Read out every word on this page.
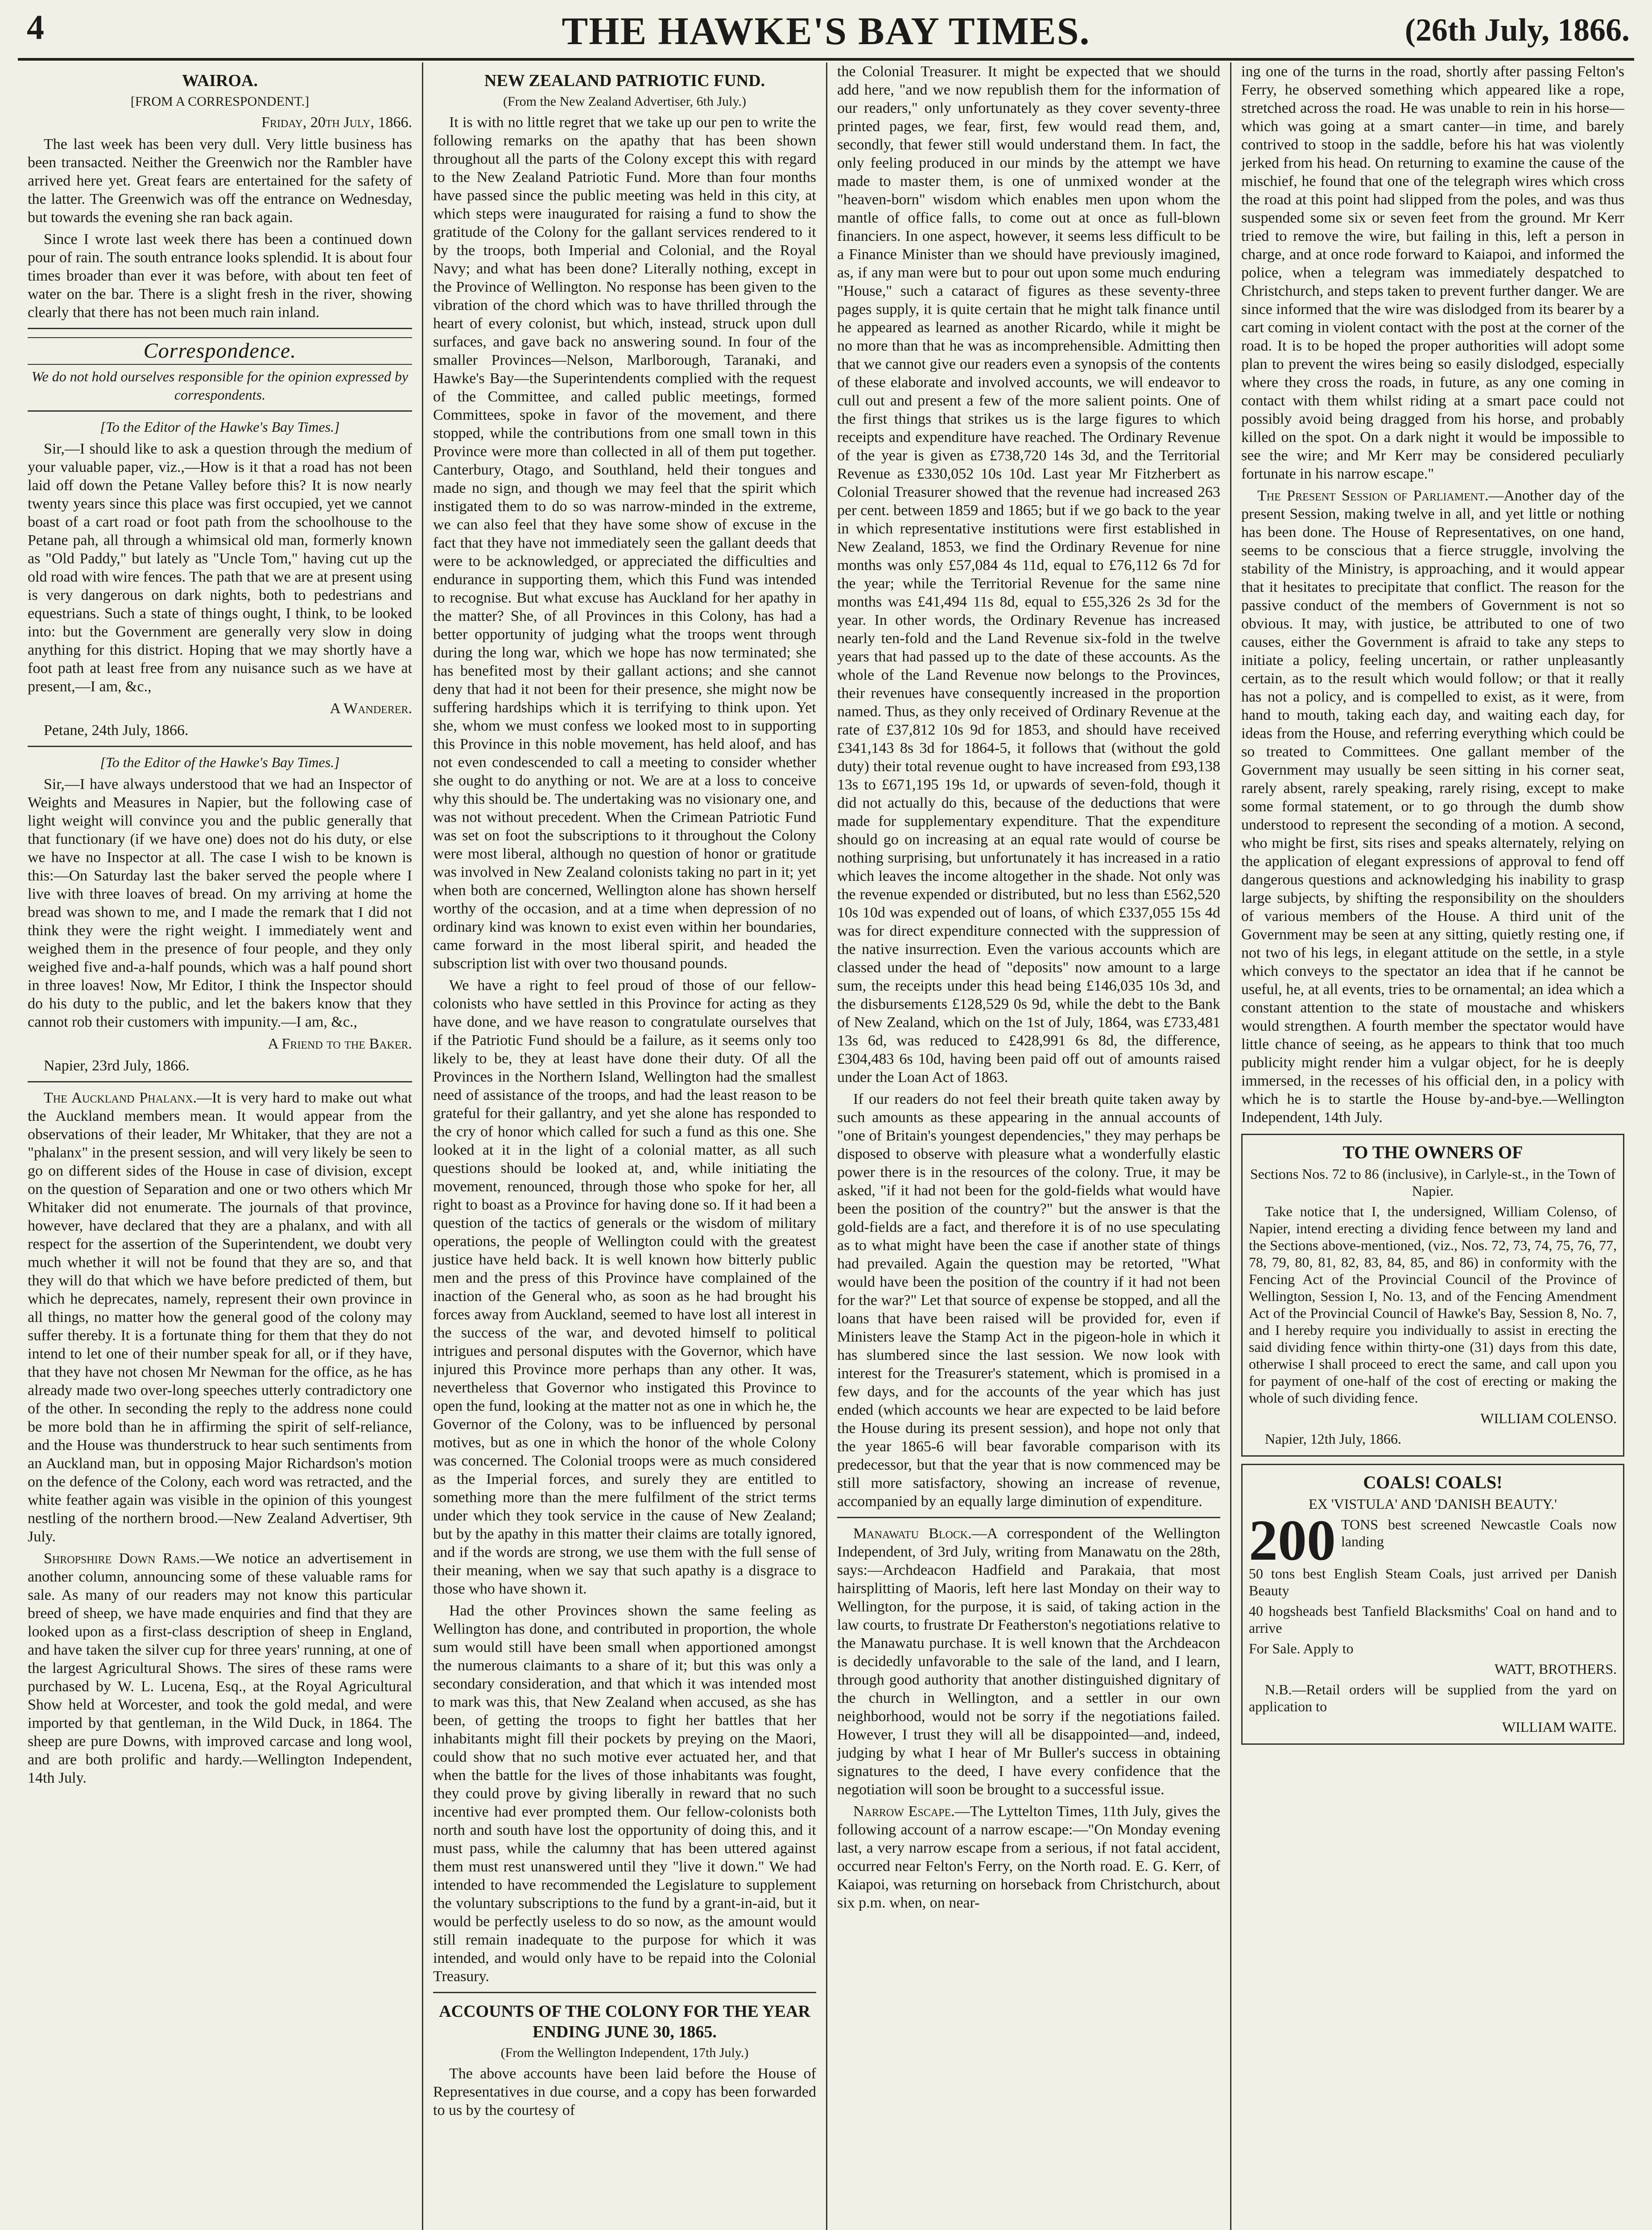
4	THE HAWKE'S BAY TIMES.	(26th July, 1866.
WAIROA.
[FROM A CORRESPONDENT.]

Friday, 20th July, 1866.

The last week has been very dull. Very little business has been transacted. Neither the Greenwich nor the Rambler have arrived here yet. Great fears are entertained for the safety of the latter. The Greenwich was off the entrance on Wednesday, but towards the evening she ran back again.

Since I wrote last week there has been a continued down pour of rain. The south entrance looks splendid. It is about four times broader than ever it was before, with about ten feet of water on the bar. There is a slight fresh in the river, showing clearly that there has not been much rain inland.

Correspondence.

We do not hold ourselves responsible for the opinion expressed by correspondents.

[To the Editor of the Hawke's Bay Times.]

Sir,—I should like to ask a question through the medium of your valuable paper, viz.,—How is it that a road has not been laid off down the Petane Valley before this? It is now nearly twenty years since this place was first occupied, yet we cannot boast of a cart road or foot path from the schoolhouse to the Petane pah, all through a whimsical old man, formerly known as "Old Paddy," but lately as "Uncle Tom," having cut up the old road with wire fences. The path that we are at present using is very dangerous on dark nights, both to pedestrians and equestrians. Such a state of things ought, I think, to be looked into: but the Government are generally very slow in doing anything for this district. Hoping that we may shortly have a foot path at least free from any nuisance such as we have at present,—I am, &c.,

A Wanderer.

Petane, 24th July, 1866.

[To the Editor of the Hawke's Bay Times.]

Sir,—I have always understood that we had an Inspector of Weights and Measures in Napier, but the following case of light weight will convince you and the public generally that that functionary (if we have one) does not do his duty, or else we have no Inspector at all. The case I wish to be known is this:—On Saturday last the baker served the people where I live with three loaves of bread. On my arriving at home the bread was shown to me, and I made the remark that I did not think they were the right weight. I immediately went and weighed them in the presence of four people, and they only weighed five and-a-half pounds, which was a half pound short in three loaves! Now, Mr Editor, I think the Inspector should do his duty to the public, and let the bakers know that they cannot rob their customers with impunity.—I am, &c.,

A Friend to the Baker.

Napier, 23rd July, 1866.

The Auckland Phalanx.—It is very hard to make out what the Auckland members mean. It would appear from the observations of their leader, Mr Whitaker, that they are not a "phalanx" in the present session, and will very likely be seen to go on different sides of the House in case of division, except on the question of Separation and one or two others which Mr Whitaker did not enumerate. The journals of that province, however, have declared that they are a phalanx, and with all respect for the assertion of the Superintendent, we doubt very much whether it will not be found that they are so, and that they will do that which we have before predicted of them, but which he deprecates, namely, represent their own province in all things, no matter how the general good of the colony may suffer thereby. It is a fortunate thing for them that they do not intend to let one of their number speak for all, or if they have, that they have not chosen Mr Newman for the office, as he has already made two over-long speeches utterly contradictory one of the other. In seconding the reply to the address none could be more bold than he in affirming the spirit of self-reliance, and the House was thunderstruck to hear such sentiments from an Auckland man, but in opposing Major Richardson's motion on the defence of the Colony, each word was retracted, and the white feather again was visible in the opinion of this youngest nestling of the northern brood.—New Zealand Advertiser, 9th July.

Shropshire Down Rams.—We notice an advertisement in another column, announcing some of these valuable rams for sale. As many of our readers may not know this particular breed of sheep, we have made enquiries and find that they are looked upon as a first-class description of sheep in England, and have taken the silver cup for three years' running, at one of the largest Agricultural Shows. The sires of these rams were purchased by W. L. Lucena, Esq., at the Royal Agricultural Show held at Worcester, and took the gold medal, and were imported by that gentleman, in the Wild Duck, in 1864. The sheep are pure Downs, with improved carcase and long wool, and are both prolific and hardy.—Wellington Independent, 14th July.

NEW ZEALAND PATRIOTIC FUND.
(From the New Zealand Advertiser, 6th July.)

It is with no little regret that we take up our pen to write the following remarks on the apathy that has been shown throughout all the parts of the Colony except this with regard to the New Zealand Patriotic Fund. More than four months have passed since the public meeting was held in this city, at which steps were inaugurated for raising a fund to show the gratitude of the Colony for the gallant services rendered to it by the troops, both Imperial and Colonial, and the Royal Navy; and what has been done? Literally nothing, except in the Province of Wellington. No response has been given to the vibration of the chord which was to have thrilled through the heart of every colonist, but which, instead, struck upon dull surfaces, and gave back no answering sound. In four of the smaller Provinces—Nelson, Marlborough, Taranaki, and Hawke's Bay—the Superintendents complied with the request of the Committee, and called public meetings, formed Committees, spoke in favor of the movement, and there stopped, while the contributions from one small town in this Province were more than collected in all of them put together. Canterbury, Otago, and Southland, held their tongues and made no sign, and though we may feel that the spirit which instigated them to do so was narrow-minded in the extreme, we can also feel that they have some show of excuse in the fact that they have not immediately seen the gallant deeds that were to be acknowledged, or appreciated the difficulties and endurance in supporting them, which this Fund was intended to recognise. But what excuse has Auckland for her apathy in the matter? She, of all Provinces in this Colony, has had a better opportunity of judging what the troops went through during the long war, which we hope has now terminated; she has benefited most by their gallant actions; and she cannot deny that had it not been for their presence, she might now be suffering hardships which it is terrifying to think upon. Yet she, whom we must confess we looked most to in supporting this Province in this noble movement, has held aloof, and has not even condescended to call a meeting to consider whether she ought to do anything or not. We are at a loss to conceive why this should be. The undertaking was no visionary one, and was not without precedent. When the Crimean Patriotic Fund was set on foot the subscriptions to it throughout the Colony were most liberal, although no question of honor or gratitude was involved in New Zealand colonists taking no part in it; yet when both are concerned, Wellington alone has shown herself worthy of the occasion, and at a time when depression of no ordinary kind was known to exist even within her boundaries, came forward in the most liberal spirit, and headed the subscription list with over two thousand pounds.

We have a right to feel proud of those of our fellow-colonists who have settled in this Province for acting as they have done, and we have reason to congratulate ourselves that if the Patriotic Fund should be a failure, as it seems only too likely to be, they at least have done their duty. Of all the Provinces in the Northern Island, Wellington had the smallest need of assistance of the troops, and had the least reason to be grateful for their gallantry, and yet she alone has responded to the cry of honor which called for such a fund as this one. She looked at it in the light of a colonial matter, as all such questions should be looked at, and, while initiating the movement, renounced, through those who spoke for her, all right to boast as a Province for having done so. If it had been a question of the tactics of generals or the wisdom of military operations, the people of Wellington could with the greatest justice have held back. It is well known how bitterly public men and the press of this Province have complained of the inaction of the General who, as soon as he had brought his forces away from Auckland, seemed to have lost all interest in the success of the war, and devoted himself to political intrigues and personal disputes with the Governor, which have injured this Province more perhaps than any other. It was, nevertheless that Governor who instigated this Province to open the fund, looking at the matter not as one in which he, the Governor of the Colony, was to be influenced by personal motives, but as one in which the honor of the whole Colony was concerned. The Colonial troops were as much considered as the Imperial forces, and surely they are entitled to something more than the mere fulfilment of the strict terms under which they took service in the cause of New Zealand; but by the apathy in this matter their claims are totally ignored, and if the words are strong, we use them with the full sense of their meaning, when we say that such apathy is a disgrace to those who have shown it.

Had the other Provinces shown the same feeling as Wellington has done, and contributed in proportion, the whole sum would still have been small when apportioned amongst the numerous claimants to a share of it; but this was only a secondary consideration, and that which it was intended most to mark was this, that New Zealand when accused, as she has been, of getting the troops to fight her battles that her inhabitants might fill their pockets by preying on the Maori, could show that no such motive ever actuated her, and that when the battle for the lives of those inhabitants was fought, they could prove by giving liberally in reward that no such incentive had ever prompted them. Our fellow-colonists both north and south have lost the opportunity of doing this, and it must pass, while the calumny that has been uttered against them must rest unanswered until they "live it down." We had intended to have recommended the Legislature to supplement the voluntary subscriptions to the fund by a grant-in-aid, but it would be perfectly useless to do so now, as the amount would still remain inadequate to the purpose for which it was intended, and would only have to be repaid into the Colonial Treasury.

ACCOUNTS OF THE COLONY FOR THE YEAR ENDING JUNE 30, 1865.
(From the Wellington Independent, 17th July.)

The above accounts have been laid before the House of Representatives in due course, and a copy has been forwarded to us by the courtesy of

the Colonial Treasurer. It might be expected that we should add here, "and we now republish them for the information of our readers," only unfortunately as they cover seventy-three printed pages, we fear, first, few would read them, and, secondly, that fewer still would understand them. In fact, the only feeling produced in our minds by the attempt we have made to master them, is one of unmixed wonder at the "heaven-born" wisdom which enables men upon whom the mantle of office falls, to come out at once as full-blown financiers. In one aspect, however, it seems less difficult to be a Finance Minister than we should have previously imagined, as, if any man were but to pour out upon some much enduring "House," such a cataract of figures as these seventy-three pages supply, it is quite certain that he might talk finance until he appeared as learned as another Ricardo, while it might be no more than that he was as incomprehensible. Admitting then that we cannot give our readers even a synopsis of the contents of these elaborate and involved accounts, we will endeavor to cull out and present a few of the more salient points. One of the first things that strikes us is the large figures to which receipts and expenditure have reached. The Ordinary Revenue of the year is given as £738,720 14s 3d, and the Territorial Revenue as £330,052 10s 10d. Last year Mr Fitzherbert as Colonial Treasurer showed that the revenue had increased 263 per cent. between 1859 and 1865; but if we go back to the year in which representative institutions were first established in New Zealand, 1853, we find the Ordinary Revenue for nine months was only £57,084 4s 11d, equal to £76,112 6s 7d for the year; while the Territorial Revenue for the same nine months was £41,494 11s 8d, equal to £55,326 2s 3d for the year. In other words, the Ordinary Revenue has increased nearly ten-fold and the Land Revenue six-fold in the twelve years that had passed up to the date of these accounts. As the whole of the Land Revenue now belongs to the Provinces, their revenues have consequently increased in the proportion named. Thus, as they only received of Ordinary Revenue at the rate of £37,812 10s 9d for 1853, and should have received £341,143 8s 3d for 1864-5, it follows that (without the gold duty) their total revenue ought to have increased from £93,138 13s to £671,195 19s 1d, or upwards of seven-fold, though it did not actually do this, because of the deductions that were made for supplementary expenditure. That the expenditure should go on increasing at an equal rate would of course be nothing surprising, but unfortunately it has increased in a ratio which leaves the income altogether in the shade. Not only was the revenue expended or distributed, but no less than £562,520 10s 10d was expended out of loans, of which £337,055 15s 4d was for direct expenditure connected with the suppression of the native insurrection. Even the various accounts which are classed under the head of "deposits" now amount to a large sum, the receipts under this head being £146,035 10s 3d, and the disbursements £128,529 0s 9d, while the debt to the Bank of New Zealand, which on the 1st of July, 1864, was £733,481 13s 6d, was reduced to £428,991 6s 8d, the difference, £304,483 6s 10d, having been paid off out of amounts raised under the Loan Act of 1863.

If our readers do not feel their breath quite taken away by such amounts as these appearing in the annual accounts of "one of Britain's youngest dependencies," they may perhaps be disposed to observe with pleasure what a wonderfully elastic power there is in the resources of the colony. True, it may be asked, "if it had not been for the gold-fields what would have been the position of the country?" but the answer is that the gold-fields are a fact, and therefore it is of no use speculating as to what might have been the case if another state of things had prevailed. Again the question may be retorted, "What would have been the position of the country if it had not been for the war?" Let that source of expense be stopped, and all the loans that have been raised will be provided for, even if Ministers leave the Stamp Act in the pigeon-hole in which it has slumbered since the last session. We now look with interest for the Treasurer's statement, which is promised in a few days, and for the accounts of the year which has just ended (which accounts we hear are expected to be laid before the House during its present session), and hope not only that the year 1865-6 will bear favorable comparison with its predecessor, but that the year that is now commenced may be still more satisfactory, showing an increase of revenue, accompanied by an equally large diminution of expenditure.

Manawatu Block.—A correspondent of the Wellington Independent, of 3rd July, writing from Manawatu on the 28th, says:—Archdeacon Hadfield and Parakaia, that most hairsplitting of Maoris, left here last Monday on their way to Wellington, for the purpose, it is said, of taking action in the law courts, to frustrate Dr Featherston's negotiations relative to the Manawatu purchase. It is well known that the Archdeacon is decidedly unfavorable to the sale of the land, and I learn, through good authority that another distinguished dignitary of the church in Wellington, and a settler in our own neighborhood, would not be sorry if the negotiations failed. However, I trust they will all be disappointed—and, indeed, judging by what I hear of Mr Buller's success in obtaining signatures to the deed, I have every confidence that the negotiation will soon be brought to a successful issue.

Narrow Escape.—The Lyttelton Times, 11th July, gives the following account of a narrow escape:—"On Monday evening last, a very narrow escape from a serious, if not fatal accident, occurred near Felton's Ferry, on the North road. E. G. Kerr, of Kaiapoi, was returning on horseback from Christchurch, about six p.m. when, on near-

ing one of the turns in the road, shortly after passing Felton's Ferry, he observed something which appeared like a rope, stretched across the road. He was unable to rein in his horse—which was going at a smart canter—in time, and barely contrived to stoop in the saddle, before his hat was violently jerked from his head. On returning to examine the cause of the mischief, he found that one of the telegraph wires which cross the road at this point had slipped from the poles, and was thus suspended some six or seven feet from the ground. Mr Kerr tried to remove the wire, but failing in this, left a person in charge, and at once rode forward to Kaiapoi, and informed the police, when a telegram was immediately despatched to Christchurch, and steps taken to prevent further danger. We are since informed that the wire was dislodged from its bearer by a cart coming in violent contact with the post at the corner of the road. It is to be hoped the proper authorities will adopt some plan to prevent the wires being so easily dislodged, especially where they cross the roads, in future, as any one coming in contact with them whilst riding at a smart pace could not possibly avoid being dragged from his horse, and probably killed on the spot. On a dark night it would be impossible to see the wire; and Mr Kerr may be considered peculiarly fortunate in his narrow escape."

The Present Session of Parliament.—Another day of the present Session, making twelve in all, and yet little or nothing has been done. The House of Representatives, on one hand, seems to be conscious that a fierce struggle, involving the stability of the Ministry, is approaching, and it would appear that it hesitates to precipitate that conflict. The reason for the passive conduct of the members of Government is not so obvious. It may, with justice, be attributed to one of two causes, either the Government is afraid to take any steps to initiate a policy, feeling uncertain, or rather unpleasantly certain, as to the result which would follow; or that it really has not a policy, and is compelled to exist, as it were, from hand to mouth, taking each day, and waiting each day, for ideas from the House, and referring everything which could be so treated to Committees. One gallant member of the Government may usually be seen sitting in his corner seat, rarely absent, rarely speaking, rarely rising, except to make some formal statement, or to go through the dumb show understood to represent the seconding of a motion. A second, who might be first, sits rises and speaks alternately, relying on the application of elegant expressions of approval to fend off dangerous questions and acknowledging his inability to grasp large subjects, by shifting the responsibility on the shoulders of various members of the House. A third unit of the Government may be seen at any sitting, quietly resting one, if not two of his legs, in elegant attitude on the settle, in a style which conveys to the spectator an idea that if he cannot be useful, he, at all events, tries to be ornamental; an idea which a constant attention to the state of moustache and whiskers would strengthen. A fourth member the spectator would have little chance of seeing, as he appears to think that too much publicity might render him a vulgar object, for he is deeply immersed, in the recesses of his official den, in a policy with which he is to startle the House by-and-bye.—Wellington Independent, 14th July.

TO THE OWNERS OF

Sections Nos. 72 to 86 (inclusive), in Carlyle-st., in the Town of Napier.

Take notice that I, the undersigned, William Colenso, of Napier, intend erecting a dividing fence between my land and the Sections above-mentioned, (viz., Nos. 72, 73, 74, 75, 76, 77, 78, 79, 80, 81, 82, 83, 84, 85, and 86) in conformity with the Fencing Act of the Provincial Council of the Province of Wellington, Session I, No. 13, and of the Fencing Amendment Act of the Provincial Council of Hawke's Bay, Session 8, No. 7, and I hereby require you individually to assist in erecting the said dividing fence within thirty-one (31) days from this date, otherwise I shall proceed to erect the same, and call upon you for payment of one-half of the cost of erecting or making the whole of such dividing fence.

WILLIAM COLENSO.

Napier, 12th July, 1866.

COALS! COALS!

EX 'VISTULA' AND 'DANISH BEAUTY.'

200 TONS best screened Newcastle Coals now landing

50 tons best English Steam Coals, just arrived per Danish Beauty

40 hogsheads best Tanfield Blacksmiths' Coal on hand and to arrive

For Sale. Apply to

WATT, BROTHERS.

N.B.—Retail orders will be supplied from the yard on application to

WILLIAM WAITE.
